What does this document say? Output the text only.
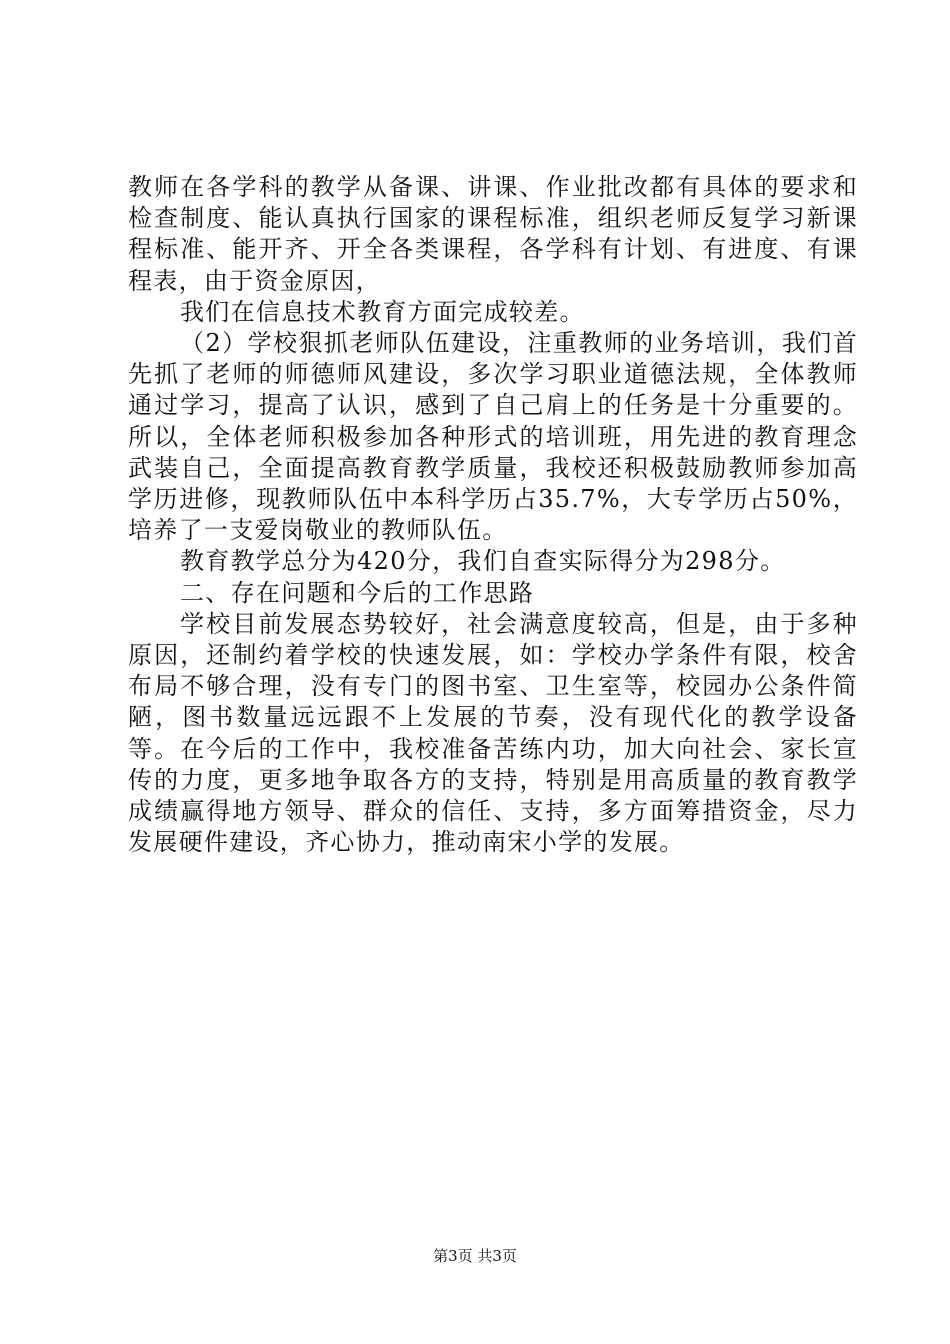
教师在各学科的教学从备课、讲课、作业批改都有具体的要求和检查制度、能认真执行国家的课程标准，组织老师反复学习新课程标准、能开齐、开全各类课程，各学科有计划、有进度、有课程表，由于资金原因，

我们在信息技术教育方面完成较差。

（2）学校狠抓老师队伍建设，注重教师的业务培训，我们首先抓了老师的师德师风建设，多次学习职业道德法规，全体教师通过学习，提高了认识，感到了自己肩上的任务是十分重要的。所以，全体老师积极参加各种形式的培训班，用先进的教育理念武装自己，全面提高教育教学质量，我校还积极鼓励教师参加高学历进修，现教师队伍中本科学历占35.7%，大专学历占50%，培养了一支爱岗敬业的教师队伍。

教育教学总分为420分，我们自查实际得分为298分。

二、存在问题和今后的工作思路

学校目前发展态势较好，社会满意度较高，但是，由于多种原因，还制约着学校的快速发展，如：学校办学条件有限，校舍布局不够合理，没有专门的图书室、卫生室等，校园办公条件简陋，图书数量远远跟不上发展的节奏，没有现代化的教学设备等。在今后的工作中，我校准备苦练内功，加大向社会、家长宣传的力度，更多地争取各方的支持，特别是用高质量的教育教学成绩赢得地方领导、群众的信任、支持，多方面筹措资金，尽力发展硬件建设，齐心协力，推动南宋小学的发展。

第3页 共3页
